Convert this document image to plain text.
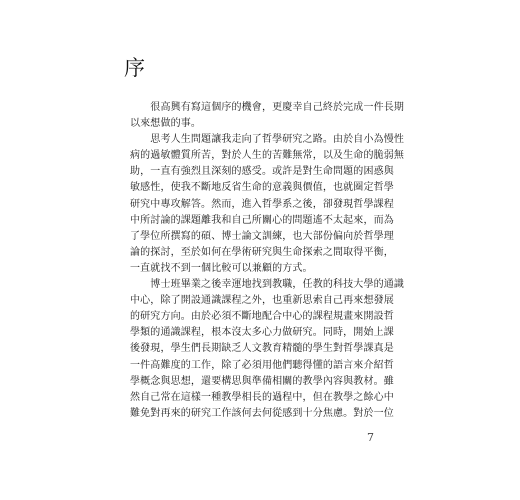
序
　　很高興有寫這個序的機會，更慶幸自己終於完成一件長期
以來想做的事。
　　思考人生問題讓我走向了哲學研究之路。由於自小為慢性
病的過敏體質所苦，對於人生的苦難無常，以及生命的脆弱無
助，一直有強烈且深刻的感受。或許是對生命問題的困惑與
敏感性，使我不斷地反省生命的意義與價值，也就圈定哲學
研究中專攻解答。然而，進入哲學系之後，卻發現哲學課程
中所討論的課題離我和自己所關心的問題遙不太起來，而為
了學位所撰寫的碩、博士論文訓練，也大部份偏向於哲學理
論的探討，至於如何在學術研究與生命探索之間取得平衡，
一直就找不到一個比較可以兼顧的方式。
　　博士班畢業之後幸運地找到教職，任教的科技大學的通識
中心，除了開設通識課程之外，也重新思索自己再來想發展
的研究方向。由於必須不斷地配合中心的課程規畫來開設哲
學類的通識課程，根本沒太多心力做研究。同時，開始上課
後發現，學生們長期缺乏人文教育精髓的學生對哲學課真是
一件高難度的工作，除了必須用他們聽得懂的語言來介紹哲
學概念與思想，還要構思與準備相關的教學內容與教材。雖
然自己常在這樣一種教學相長的過程中，但在教學之餘心中
難免對再來的研究工作該何去何從感到十分焦慮。對於一位
7
